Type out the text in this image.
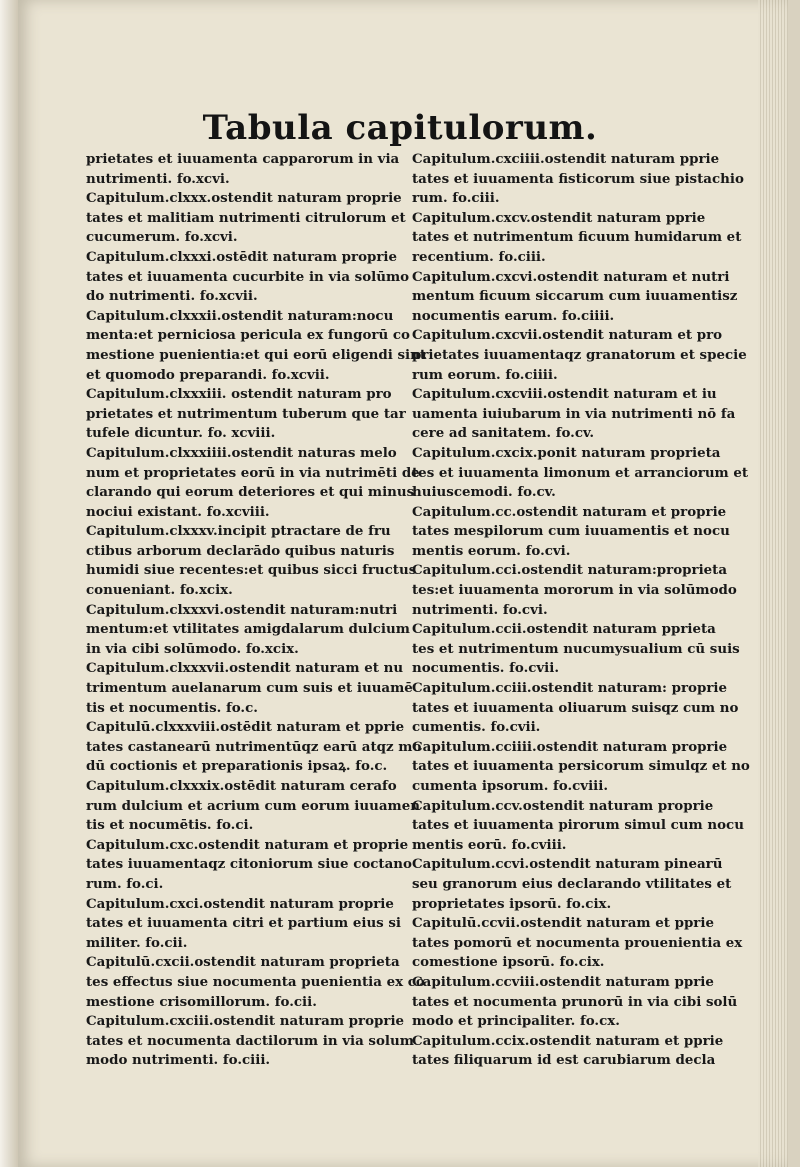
Tabula capitulorum.
prietates et iuuamenta capparorum in via
nutrimenti. fo.xcvi.
Capitulum.clxxx.ostendit naturam proprie
tates et malitiam nutrimenti citrulorum et
cucumerum. fo.xcvi.
Capitulum.clxxxi.ostēdit naturam proprie
tates et iuuamenta cucurbite in via solūmo
do nutrimenti. fo.xcvii.
Capitulum.clxxxii.ostendit naturam:nocu
menta:et perniciosa pericula ex fungorū co
mestione puenientia:et qui eorū eligendi sint
et quomodo preparandi. fo.xcvii.
Capitulum.clxxxiii. ostendit naturam pro
prietates et nutrimentum tuberum que tar
tufele dicuntur. fo. xcviii.
Capitulum.clxxxiiii.ostendit naturas melo
num et proprietates eorū in via nutrimēti de
clarando qui eorum deteriores et qui minus
nociui existant. fo.xcviii.
Capitulum.clxxxv.incipit ptractare de fru
ctibus arborum declarādo quibus naturis
humidi siue recentes:et quibus sicci fructus
conueniant. fo.xcix.
Capitulum.clxxxvi.ostendit naturam:nutri
mentum:et vtilitates amigdalarum dulcium
in via cibi solūmodo. fo.xcix.
Capitulum.clxxxvii.ostendit naturam et nu
trimentum auelanarum cum suis et iuuamē
tis et nocumentis. fo.c.
Capitulū.clxxxviii.ostēdit naturam et pprie
tates castanearū nutrimentūqz earū atqz mo
dū coctionis et preparationis ipsaꝝ. fo.c.
Capitulum.clxxxix.ostēdit naturam cerafo
rum dulcium et acrium cum eorum iuuamen
tis et nocumētis. fo.ci.
Capitulum.cxc.ostendit naturam et proprie
tates iuuamentaqz citoniorum siue coctano
rum. fo.ci.
Capitulum.cxci.ostendit naturam proprie
tates et iuuamenta citri et partium eius si
militer. fo.cii.
Capitulū.cxcii.ostendit naturam proprieta
tes effectus siue nocumenta puenientia ex co
mestione crisomillorum. fo.cii.
Capitulum.cxciii.ostendit naturam proprie
tates et nocumenta dactilorum in via solum
modo nutrimenti. fo.ciii.
Capitulum.cxciiii.ostendit naturam pprie
tates et iuuamenta fisticorum siue pistachio
rum. fo.ciii.
Capitulum.cxcv.ostendit naturam pprie
tates et nutrimentum ficuum humidarum et
recentium. fo.ciii.
Capitulum.cxcvi.ostendit naturam et nutri
mentum ficuum siccarum cum iuuamentisz
nocumentis earum. fo.ciiii.
Capitulum.cxcvii.ostendit naturam et pro
prietates iuuamentaqz granatorum et specie
rum eorum. fo.ciiii.
Capitulum.cxcviii.ostendit naturam et iu
uamenta iuiubarum in via nutrimenti nō fa
cere ad sanitatem. fo.cv.
Capitulum.cxcix.ponit naturam proprieta
tes et iuuamenta limonum et arranciorum et
huiuscemodi. fo.cv.
Capitulum.cc.ostendit naturam et proprie
tates mespilorum cum iuuamentis et nocu
mentis eorum. fo.cvi.
Capitulum.cci.ostendit naturam:proprieta
tes:et iuuamenta mororum in via solūmodo
nutrimenti. fo.cvi.
Capitulum.ccii.ostendit naturam pprieta
tes et nutrimentum nucumysualium cū suis
nocumentis. fo.cvii.
Capitulum.cciii.ostendit naturam: proprie
tates et iuuamenta oliuarum suisqz cum no
cumentis. fo.cvii.
Capitulum.cciiii.ostendit naturam proprie
tates et iuuamenta persicorum simulqz et no
cumenta ipsorum. fo.cviii.
Capitulum.ccv.ostendit naturam proprie
tates et iuuamenta pirorum simul cum nocu
mentis eorū. fo.cviii.
Capitulum.ccvi.ostendit naturam pinearū
seu granorum eius declarando vtilitates et
proprietates ipsorū. fo.cix.
Capitulū.ccvii.ostendit naturam et pprie
tates pomorū et nocumenta prouenientia ex
comestione ipsorū. fo.cix.
Capitulum.ccviii.ostendit naturam pprie
tates et nocumenta prunorū in via cibi solū
modo et principaliter. fo.cx.
Capitulum.ccix.ostendit naturam et pprie
tates filiquarum id est carubiarum decla
